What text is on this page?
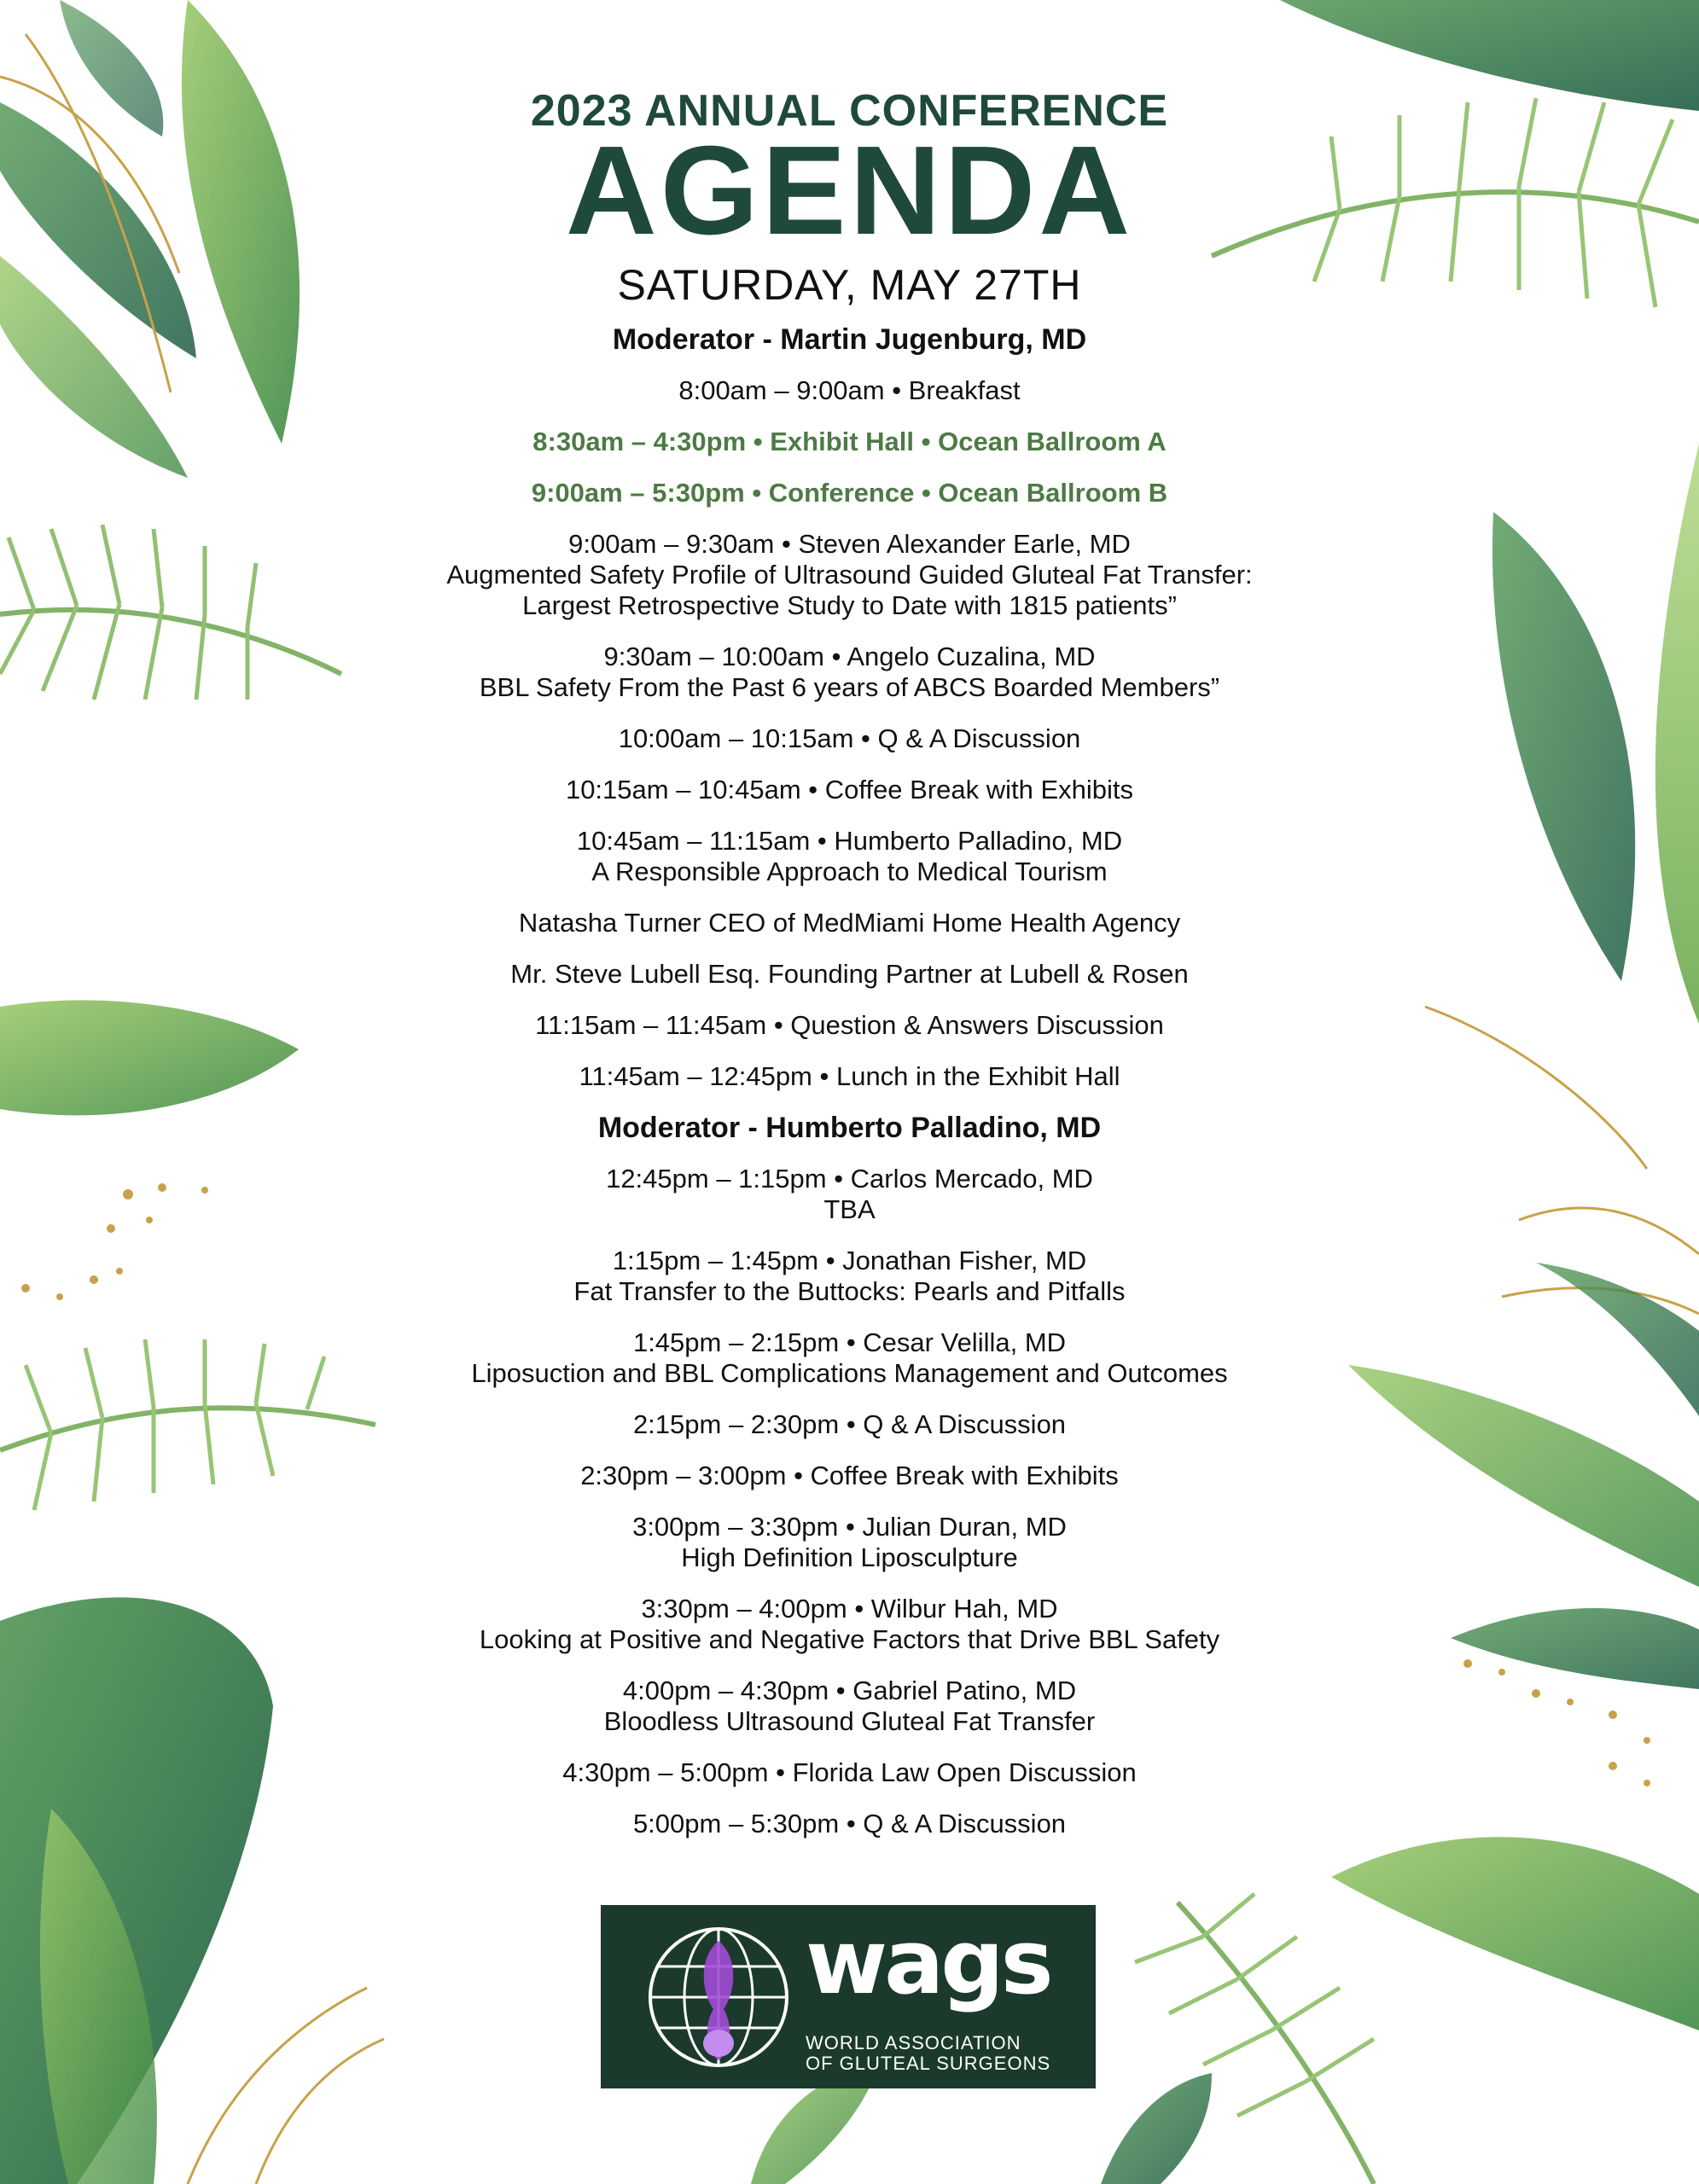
2023 ANNUAL CONFERENCE
AGENDA
SATURDAY, MAY 27TH
Moderator - Martin Jugenburg, MD
8:00am – 9:00am • Breakfast
8:30am – 4:30pm • Exhibit Hall • Ocean Ballroom A
9:00am – 5:30pm • Conference • Ocean Ballroom B
9:00am – 9:30am • Steven Alexander Earle, MD
Augmented Safety Profile of Ultrasound Guided Gluteal Fat Transfer:
Largest Retrospective Study to Date with 1815 patients”
9:30am – 10:00am • Angelo Cuzalina, MD
BBL Safety From the Past 6 years of ABCS Boarded Members”
10:00am – 10:15am • Q & A Discussion
10:15am – 10:45am • Coffee Break with Exhibits
10:45am – 11:15am • Humberto Palladino, MD
A Responsible Approach to Medical Tourism
Natasha Turner CEO of MedMiami Home Health Agency
Mr. Steve Lubell Esq. Founding Partner at Lubell & Rosen
11:15am – 11:45am • Question & Answers Discussion
11:45am – 12:45pm • Lunch in the Exhibit Hall
Moderator - Humberto Palladino, MD
12:45pm – 1:15pm • Carlos Mercado, MD
TBA
1:15pm – 1:45pm • Jonathan Fisher, MD
Fat Transfer to the Buttocks: Pearls and Pitfalls
1:45pm – 2:15pm • Cesar Velilla, MD
Liposuction and BBL Complications Management and Outcomes
2:15pm – 2:30pm • Q & A Discussion
2:30pm – 3:00pm • Coffee Break with Exhibits
3:00pm – 3:30pm • Julian Duran, MD
High Definition Liposculpture
3:30pm – 4:00pm • Wilbur Hah, MD
Looking at Positive and Negative Factors that Drive BBL Safety
4:00pm – 4:30pm • Gabriel Patino, MD
Bloodless Ultrasound Gluteal Fat Transfer
4:30pm – 5:00pm • Florida Law Open Discussion
5:00pm – 5:30pm • Q & A Discussion
wags
WORLD ASSOCIATION
OF GLUTEAL SURGEONS
